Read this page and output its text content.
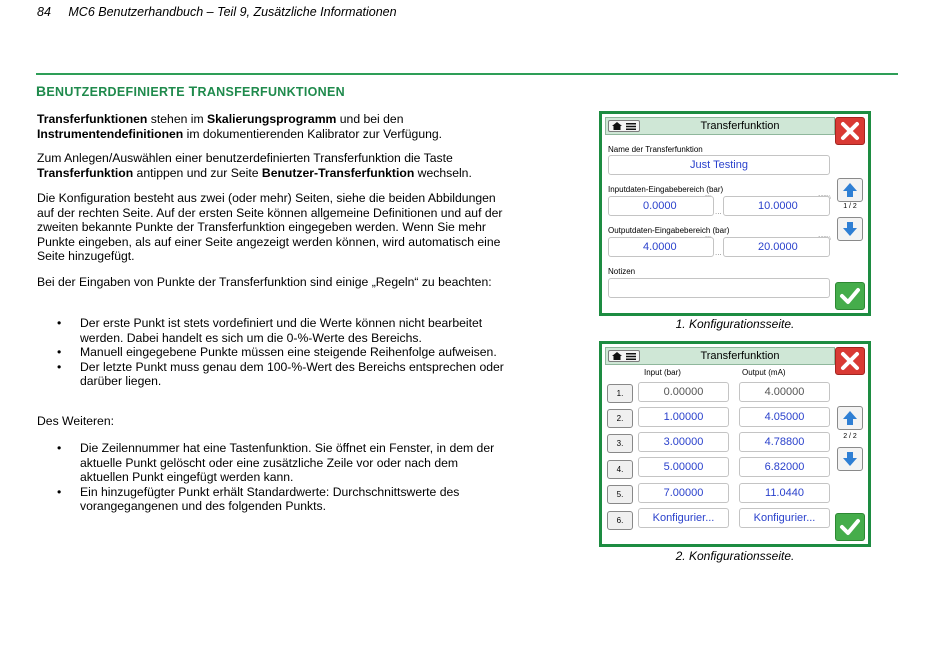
84 MC6 Benutzerhandbuch – Teil 9, Zusätzliche Informationen
BENUTZERDEFINIERTE TRANSFERFUNKTIONEN
Transferfunktionen stehen im Skalierungsprogramm und bei den
Instrumentendefinitionen im dokumentierenden Kalibrator zur Verfügung.
Zum Anlegen/Auswählen einer benutzerdefinierten Transferfunktion die Taste
Transferfunktion antippen und zur Seite Benutzer-Transferfunktion wechseln.
Die Konfiguration besteht aus zwei (oder mehr) Seiten, siehe die beiden Abbildungen auf der rechten Seite. Auf der ersten Seite können allgemeine Definitionen und auf der zweiten bekannte Punkte der Transferfunktion eingegeben werden. Wenn Sie mehr Punkte eingeben, als auf einer Seite angezeigt werden können, wird automatisch eine Seite hinzugefügt.
Bei der Eingaben von Punkte der Transferfunktion sind einige „Regeln“ zu beachten:
• Der erste Punkt ist stets vordefiniert und die Werte können nicht bearbeitet werden. Dabei handelt es sich um die 0-%-Werte des Bereichs.
• Manuell eingegebene Punkte müssen eine steigende Reihenfolge aufweisen.
• Der letzte Punkt muss genau dem 100-%-Wert des Bereichs entsprechen oder darüber liegen.
Des Weiteren:
• Die Zeilennummer hat eine Tastenfunktion. Sie öffnet ein Fenster, in dem der aktuelle Punkt gelöscht oder eine zusätzliche Zeile vor oder nach dem aktuellen Punkt eingefügt werden kann.
• Ein hinzugefügter Punkt erhält Standardwerte: Durchschnittswerte des vorangegangenen und des folgenden Punkts.
Transferfunktion
Name der Transferfunktion
Just Testing
Inputdaten-Eingabebereich (bar)
0.0000	...	10.0000
Outputdaten-Eingabebereich (bar)
4.0000	...	20.0000
Notizen
1 / 2
1. Konfigurationsseite.
Transferfunktion
Input (bar)	Output (mA)
1.	0.00000	4.00000
2.	1.00000	4.05000
3.	3.00000	4.78800
4.	5.00000	6.82000
5.	7.00000	11.0440
6.	Konfigurier...	Konfigurier...
2 / 2
2. Konfigurationsseite.
